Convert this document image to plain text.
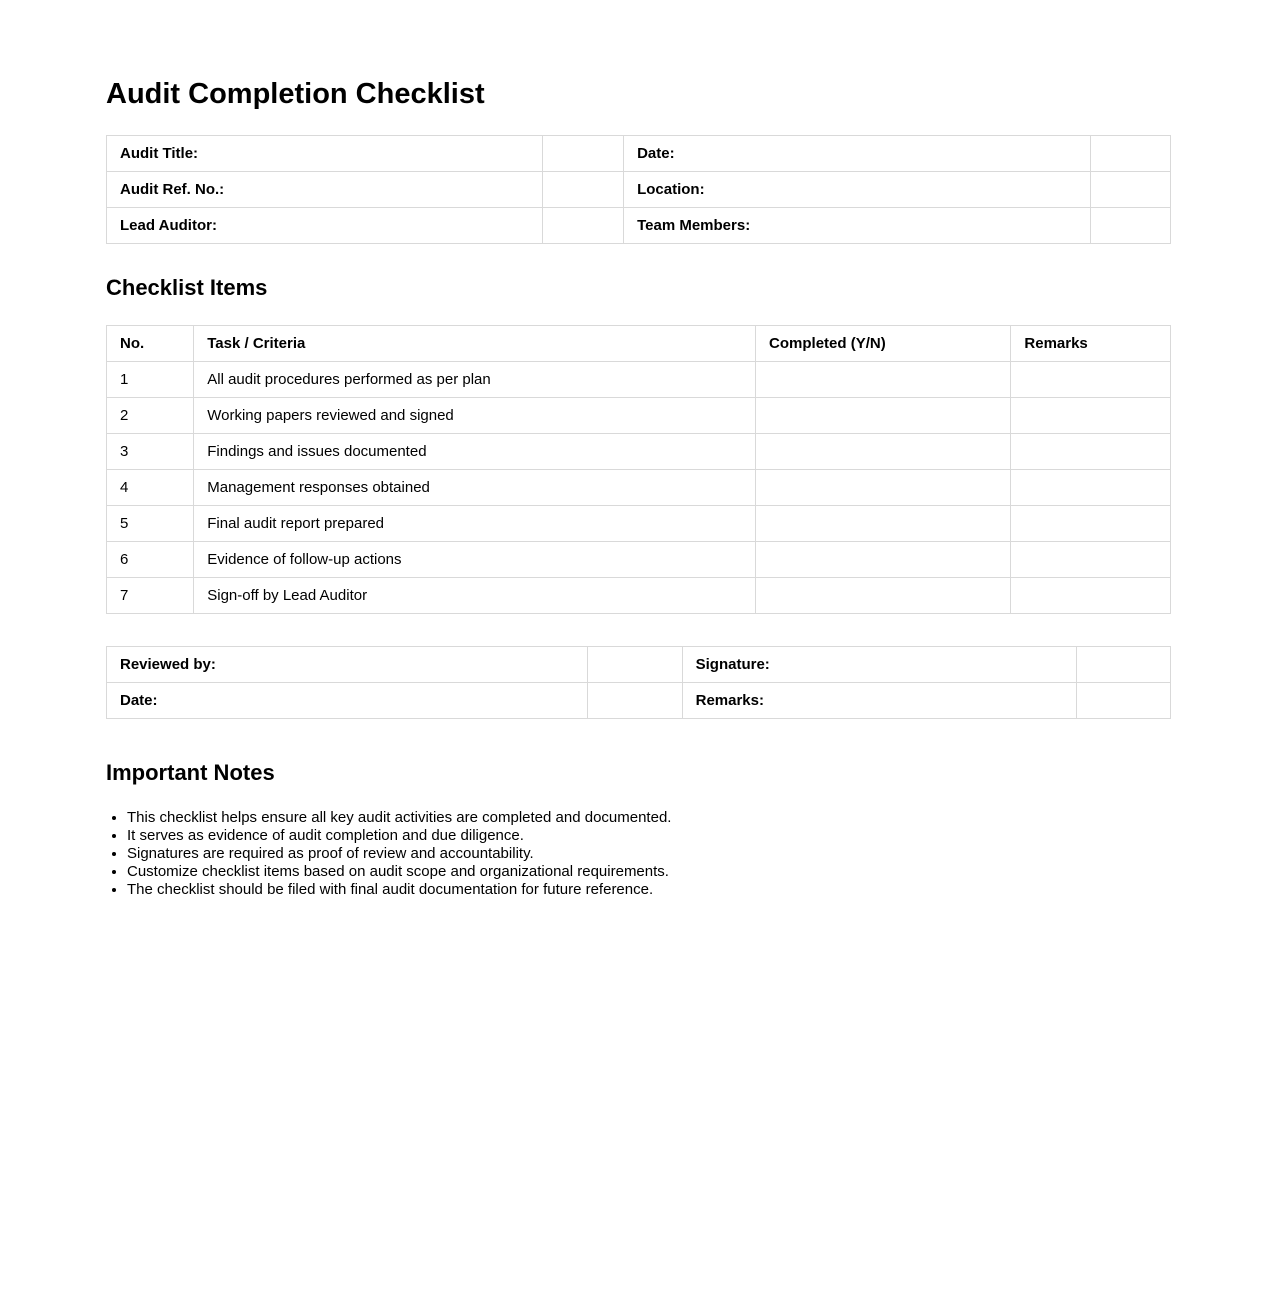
Audit Completion Checklist
Audit Title:		Date:	
Audit Ref. No.:		Location:	
Lead Auditor:		Team Members:	
Checklist Items
No.	Task / Criteria	Completed (Y/N)	Remarks
1	All audit procedures performed as per plan		
2	Working papers reviewed and signed		
3	Findings and issues documented		
4	Management responses obtained		
5	Final audit report prepared		
6	Evidence of follow-up actions		
7	Sign-off by Lead Auditor		
Reviewed by:		Signature:	
Date:		Remarks:	
Important Notes
• This checklist helps ensure all key audit activities are completed and documented.
• It serves as evidence of audit completion and due diligence.
• Signatures are required as proof of review and accountability.
• Customize checklist items based on audit scope and organizational requirements.
• The checklist should be filed with final audit documentation for future reference.
